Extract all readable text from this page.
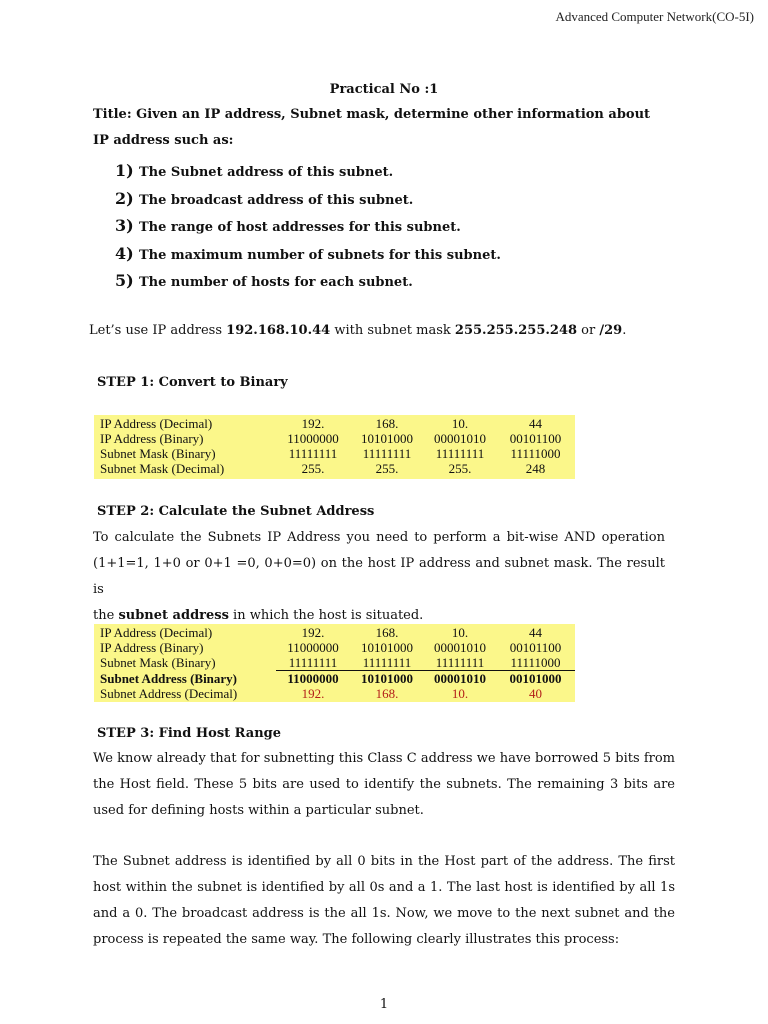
Advanced Computer Network(CO-5I)
Practical No :1
Title: Given an IP address, Subnet mask, determine other information about
IP address such as:
1) The Subnet address of this subnet.
2) The broadcast address of this subnet.
3) The range of host addresses for this subnet.
4) The maximum number of subnets for this subnet.
5) The number of hosts for each subnet.
Let’s use IP address 192.168.10.44 with subnet mask 255.255.255.248 or /29.
STEP 1: Convert to Binary
IP Address (Decimal)	192.	168.	10.	44
IP Address (Binary)	11000000	10101000	00001010	00101100
Subnet Mask (Binary)	11111111	11111111	11111111	11111000
Subnet Mask (Decimal)	255.	255.	255.	248
STEP 2: Calculate the Subnet Address
To calculate the Subnets IP Address you need to perform a bit-wise AND operation
(1+1=1, 1+0 or 0+1 =0, 0+0=0) on the host IP address and subnet mask. The result is
the subnet address in which the host is situated.
IP Address (Decimal)	192.	168.	10.	44
IP Address (Binary)	11000000	10101000	00001010	00101100
Subnet Mask (Binary)	11111111	11111111	11111111	11111000
Subnet Address (Binary)	11000000	10101000	00001010	00101000
Subnet Address (Decimal)	192.	168.	10.	40
STEP 3: Find Host Range
We know already that for subnetting this Class C address we have borrowed 5 bits from
the Host field. These 5 bits are used to identify the subnets. The remaining 3 bits are
used for defining hosts within a particular subnet.
The Subnet address is identified by all 0 bits in the Host part of the address. The first
host within the subnet is identified by all 0s and a 1. The last host is identified by all 1s
and a 0. The broadcast address is the all 1s. Now, we move to the next subnet and the
process is repeated the same way. The following clearly illustrates this process:
1
